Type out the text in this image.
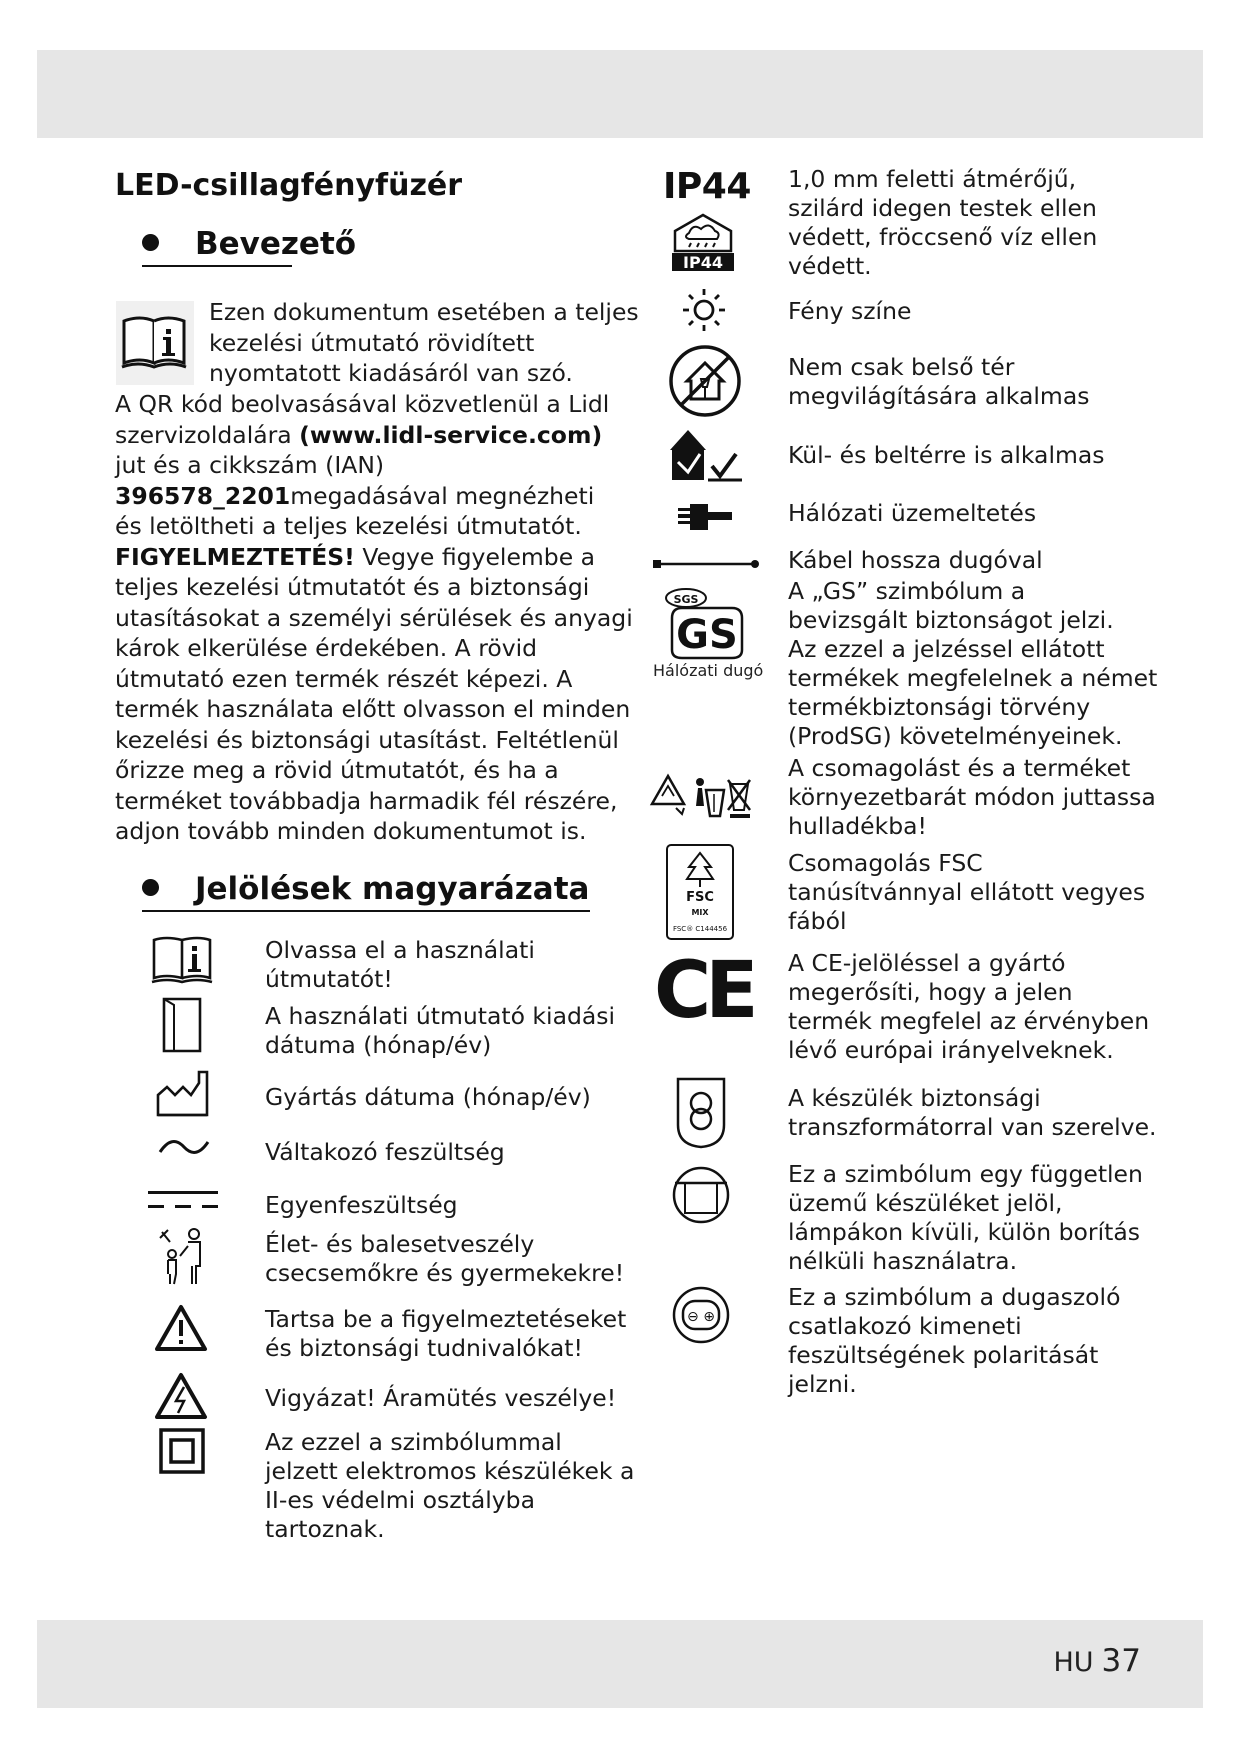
HU 37
LED-csillagfényfüzér
Bevezető
Ezen dokumentum esetében a teljes
kezelési útmutató rövidített
nyomtatott kiadásáról van szó.
A QR kód beolvasásával közvetlenül a Lidl
szervizoldalára (www.lidl-service.com)
jut és a cikkszám (IAN)
396578_2201megadásával megnézheti
és letöltheti a teljes kezelési útmutatót.
FIGYELMEZTETÉS! Vegye figyelembe a
teljes kezelési útmutatót és a biztonsági
utasításokat a személyi sérülések és anyagi
károk elkerülése érdekében. A rövid
útmutató ezen termék részét képezi. A
termék használata előtt olvasson el minden
kezelési és biztonsági utasítást. Feltétlenül
őrizze meg a rövid útmutatót, és ha a
terméket továbbadja harmadik fél részére,
adjon tovább minden dokumentumot is.
Jelölések magyarázata
Olvassa el a használati
útmutatót!
A használati útmutató kiadási
dátuma (hónap/év)
Gyártás dátuma (hónap/év)
Váltakozó feszültség
Egyenfeszültség
Élet- és balesetveszély
csecsemőkre és gyermekekre!
Tartsa be a figyelmeztetéseket
és biztonsági tudnivalókat!
Vigyázat! Áramütés veszélye!
Az ezzel a szimbólummal
jelzett elektromos készülékek a
II-es védelmi osztályba
tartoznak.
IP44
IP44
SGS
GS
Hálózati dugó
FSC
MIX
FSC® C144456
CE
⊖ ⊕
1,0 mm feletti átmérőjű,
szilárd idegen testek ellen
védett, fröccsenő víz ellen
védett.
Fény színe
Nem csak belső tér
megvilágítására alkalmas
Kül- és beltérre is alkalmas
Hálózati üzemeltetés
Kábel hossza dugóval
A „GS” szimbólum a
bevizsgált biztonságot jelzi.
Az ezzel a jelzéssel ellátott
termékek megfelelnek a német
termékbiztonsági törvény
(ProdSG) követelményeinek.
A csomagolást és a terméket
környezetbarát módon juttassa
hulladékba!
Csomagolás FSC
tanúsítvánnyal ellátott vegyes
fából
A CE-jelöléssel a gyártó
megerősíti, hogy a jelen
termék megfelel az érvényben
lévő európai irányelveknek.
A készülék biztonsági
transzformátorral van szerelve.
Ez a szimbólum egy független
üzemű készüléket jelöl,
lámpákon kívüli, külön borítás
nélküli használatra.
Ez a szimbólum a dugaszoló
csatlakozó kimeneti
feszültségének polaritását
jelzni.
